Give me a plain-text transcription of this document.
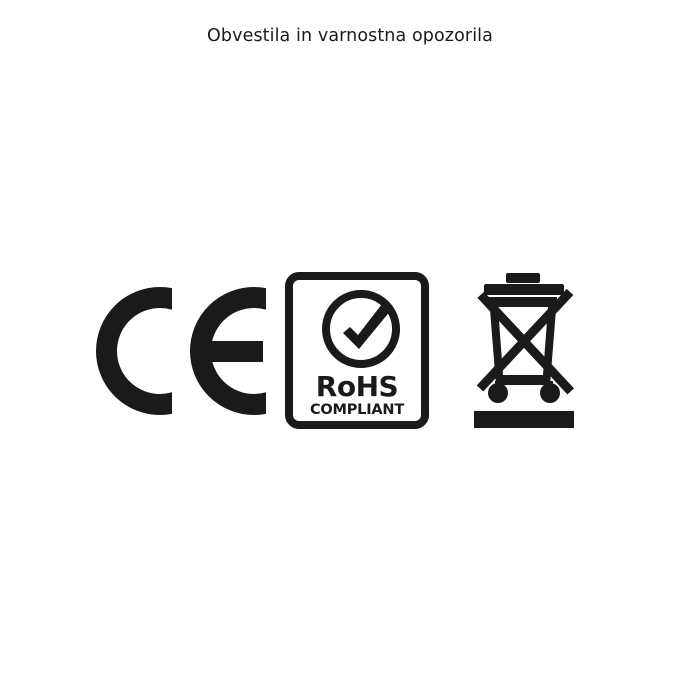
Obvestila in varnostna opozorila
RoHS
COMPLIANT
